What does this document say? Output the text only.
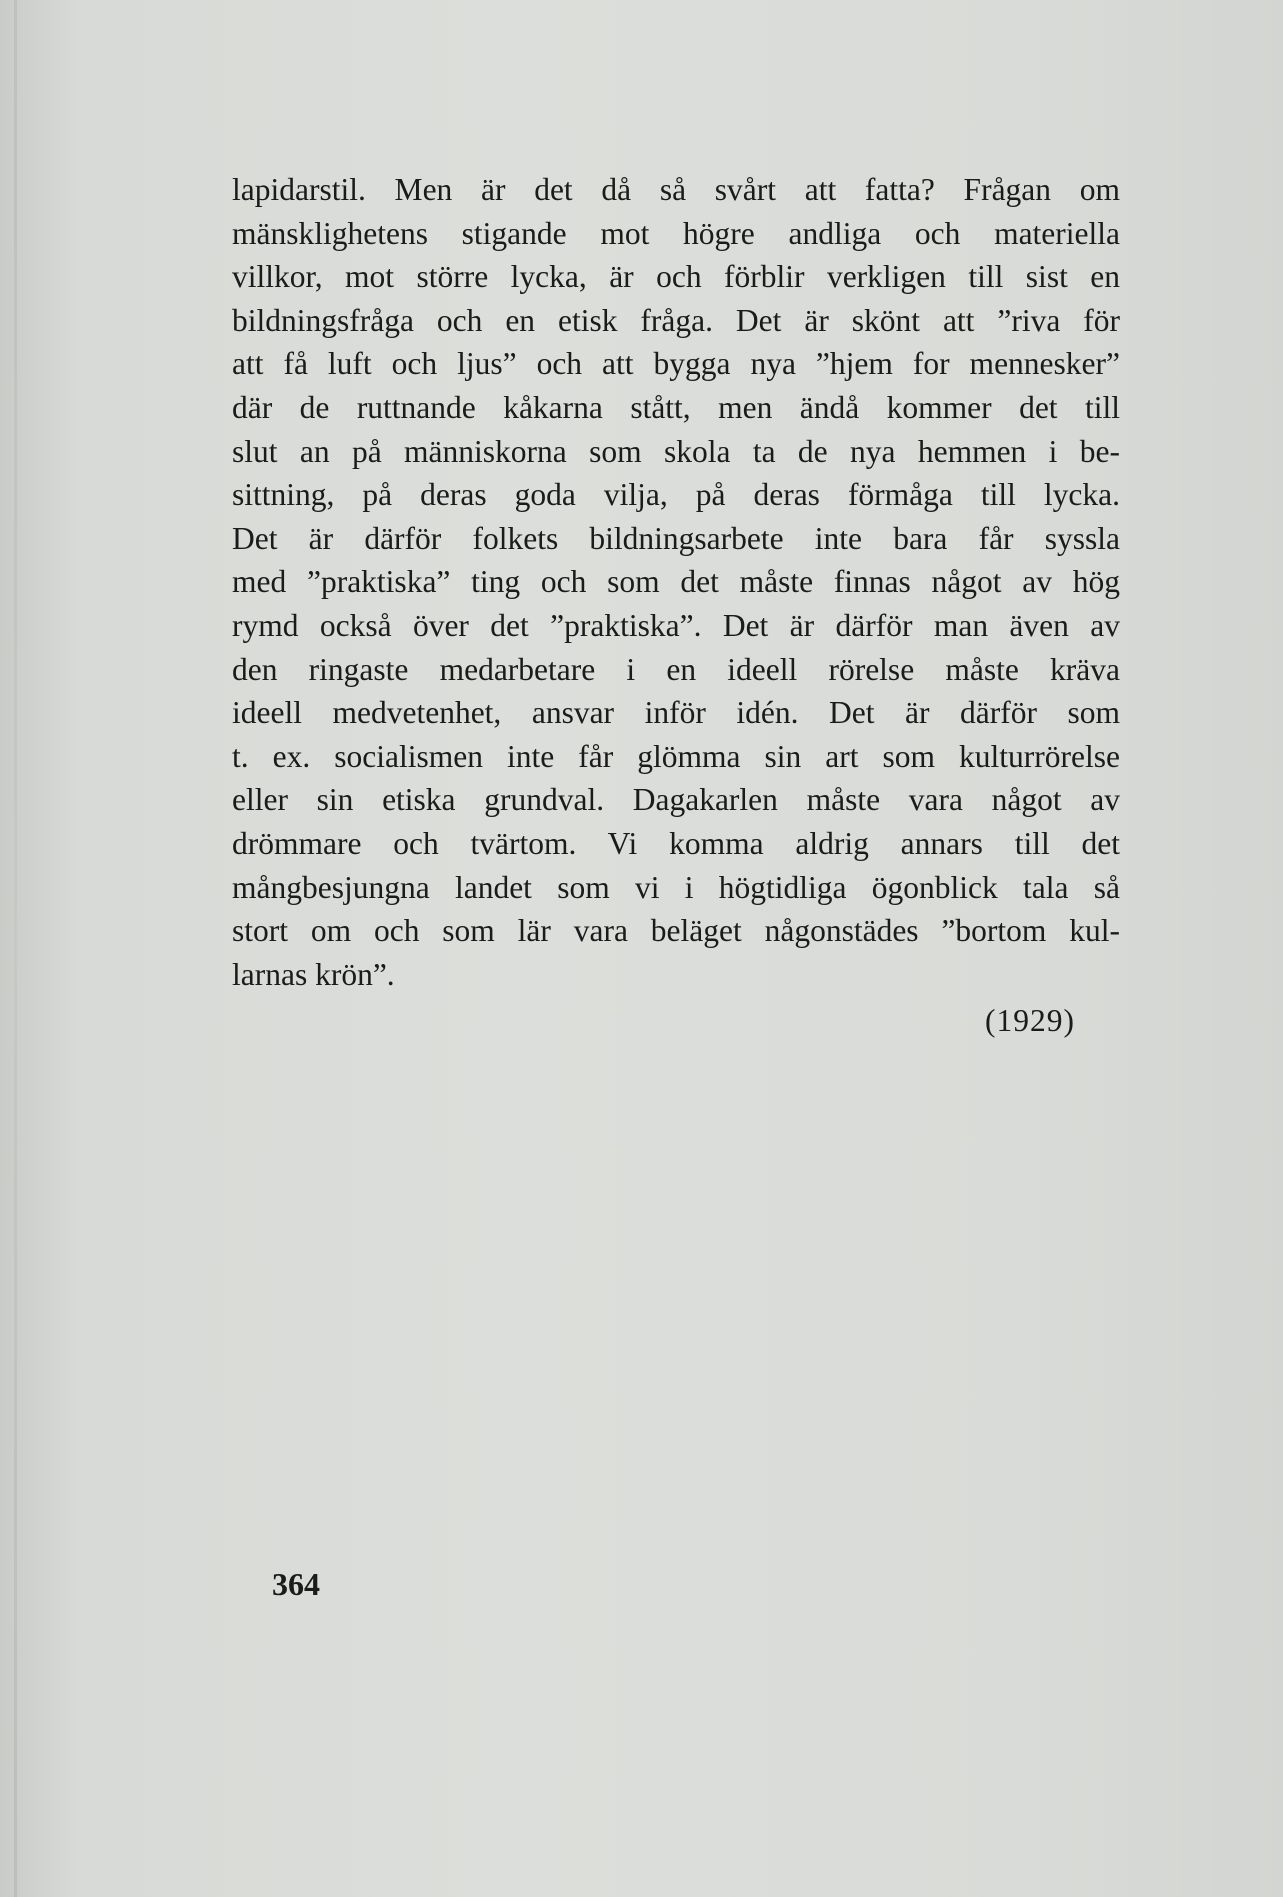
lapidarstil. Men är det då så svårt att fatta? Frågan om
mänsklighetens stigande mot högre andliga och materiella
villkor, mot större lycka, är och förblir verkligen till sist en
bildningsfråga och en etisk fråga. Det är skönt att ”riva för
att få luft och ljus” och att bygga nya ”hjem for mennesker”
där de ruttnande kåkarna stått, men ändå kommer det till
slut an på människorna som skola ta de nya hemmen i be-
sittning, på deras goda vilja, på deras förmåga till lycka.
Det är därför folkets bildningsarbete inte bara får syssla
med ”praktiska” ting och som det måste finnas något av hög
rymd också över det ”praktiska”. Det är därför man även av
den ringaste medarbetare i en ideell rörelse måste kräva
ideell medvetenhet, ansvar inför idén. Det är därför som
t. ex. socialismen inte får glömma sin art som kulturrörelse
eller sin etiska grundval. Dagakarlen måste vara något av
drömmare och tvärtom. Vi komma aldrig annars till det
mångbesjungna landet som vi i högtidliga ögonblick tala så
stort om och som lär vara beläget någonstädes ”bortom kul-
larnas krön”.
(1929)
364
